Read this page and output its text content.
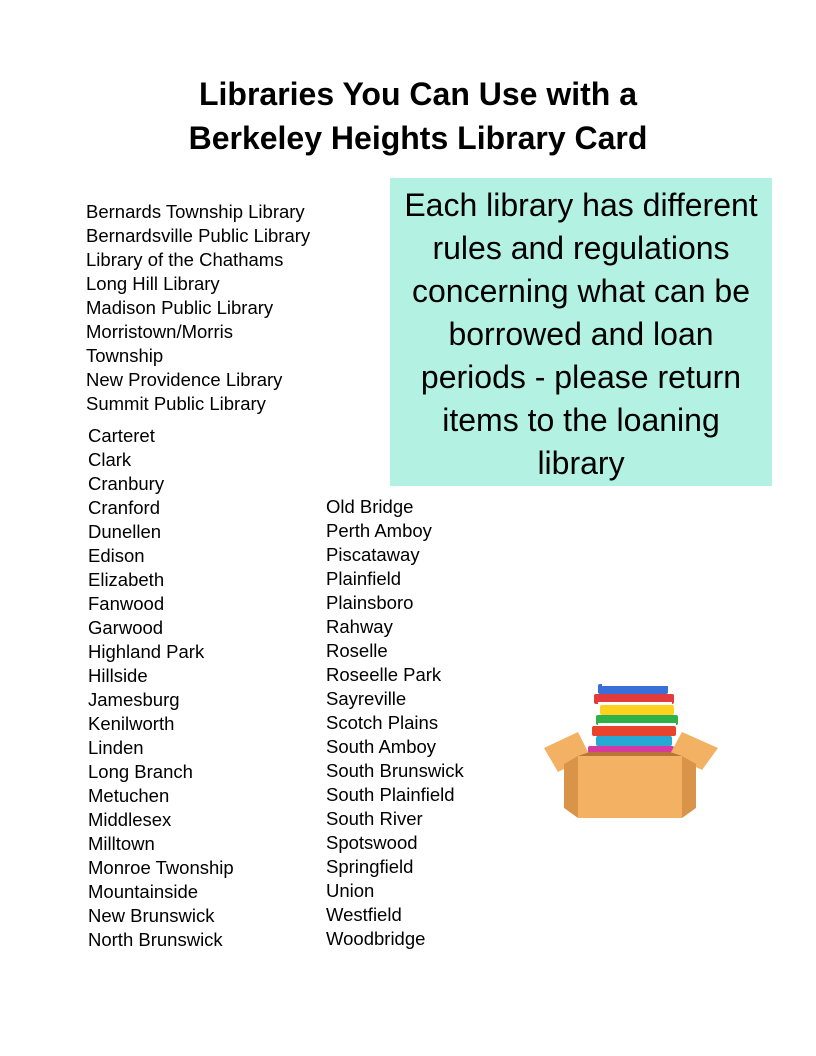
Libraries You Can Use with a
Berkeley Heights Library Card
Bernards Township Library
Bernardsville Public Library
Library of the Chathams
Long Hill Library
Madison Public Library
Morristown/Morris Township
New Providence Library
Summit Public Library
Carteret
Clark
Cranbury
Cranford
Dunellen
Edison
Elizabeth
Fanwood
Garwood
Highland Park
Hillside
Jamesburg
Kenilworth
Linden
Long Branch
Metuchen
Middlesex
Milltown
Monroe Twonship
Mountainside
New Brunswick
North Brunswick
Old Bridge
Perth Amboy
Piscataway
Plainfield
Plainsboro
Rahway
Roselle
Roseelle Park
Sayreville
Scotch Plains
South Amboy
South Brunswick
South Plainfield
South River
Spotswood
Springfield
Union
Westfield
Woodbridge
Each library has different rules and regulations concerning what can be borrowed and loan periods - please return items to the loaning library
